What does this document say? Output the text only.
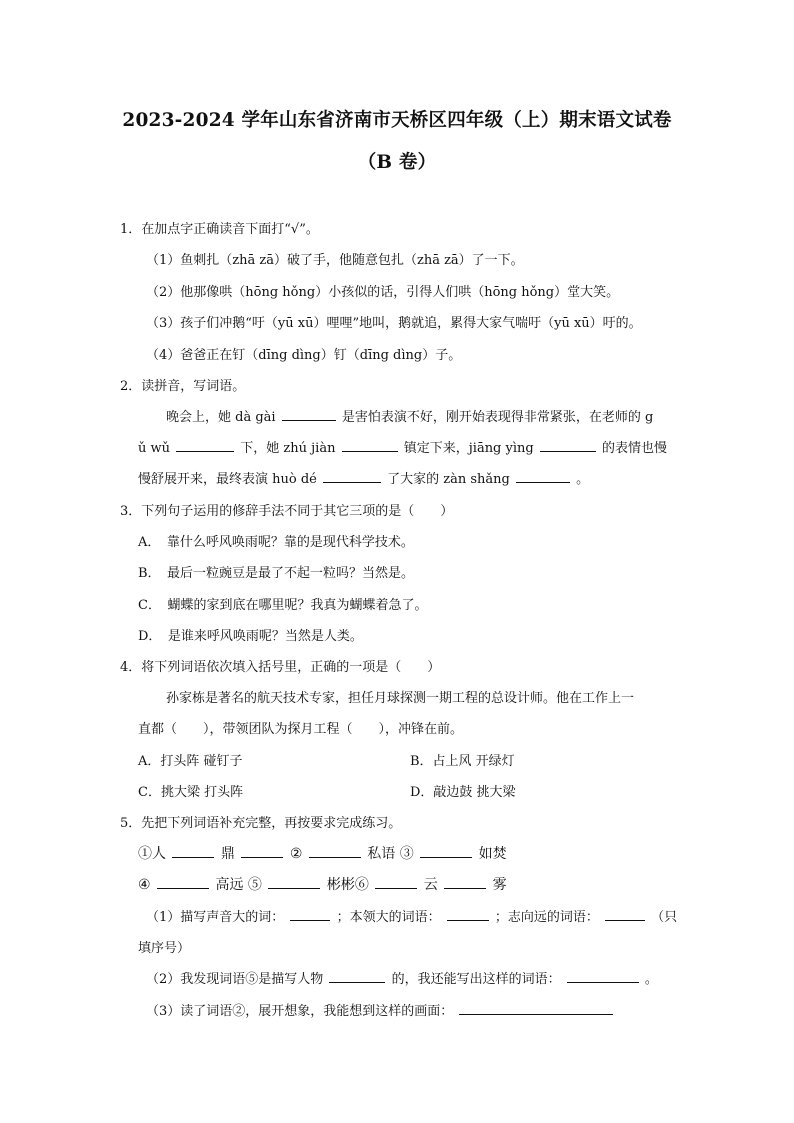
2023-2024 学年山东省济南市天桥区四年级（上）期末语文试卷
（B 卷）
1．在加点字正确读音下面打“√”。
（1）鱼刺扎（zhā zā）破了手，他随意包扎（zhā zā）了一下。
（2）他那像哄（hōng hǒng）小孩似的话，引得人们哄（hōng hǒng）堂大笑。
（3）孩子们冲鹅“吁（yū xū）哩哩”地叫，鹅就追，累得大家气喘吁（yū xū）吁的。
（4）爸爸正在钉（dīng dìng）钉（dīng dìng）子。
2．读拼音，写词语。
晚会上，她 dà gài	是害怕表演不好，刚开始表现得非常紧张，在老师的 g
ǔ wǔ	下，她 zhú jiàn	镇定下来，jiāng yìng	的表情也慢
慢舒展开来，最终表演 huò dé	了大家的 zàn shǎng	。
3．下列句子运用的修辞手法不同于其它三项的是（　　）
A．　靠什么呼风唤雨呢？靠的是现代科学技术。
B．　最后一粒豌豆是最了不起一粒吗？当然是。
C．　蝴蝶的家到底在哪里呢？我真为蝴蝶着急了。
D．　是谁来呼风唤雨呢？当然是人类。
4．将下列词语依次填入括号里，正确的一项是（　　）
孙家栋是著名的航天技术专家，担任月球探测一期工程的总设计师。他在工作上一
直都（　　），带领团队为探月工程（　　），冲锋在前。
A．打头阵 碰钉子	B．占上风 开绿灯
C．挑大梁 打头阵	D．敲边鼓 挑大梁
5．先把下列词语补充完整，再按要求完成练习。
①人	鼎	②	私语 ③	如焚
④	高远 ⑤	彬彬⑥	云	雾
（1）描写声音大的词：	；本领大的词语：	；志向远的词语：	（只
填序号）
（2）我发现词语⑤是描写人物	的，我还能写出这样的词语：	。
（3）读了词语②，展开想象，我能想到这样的画面：
